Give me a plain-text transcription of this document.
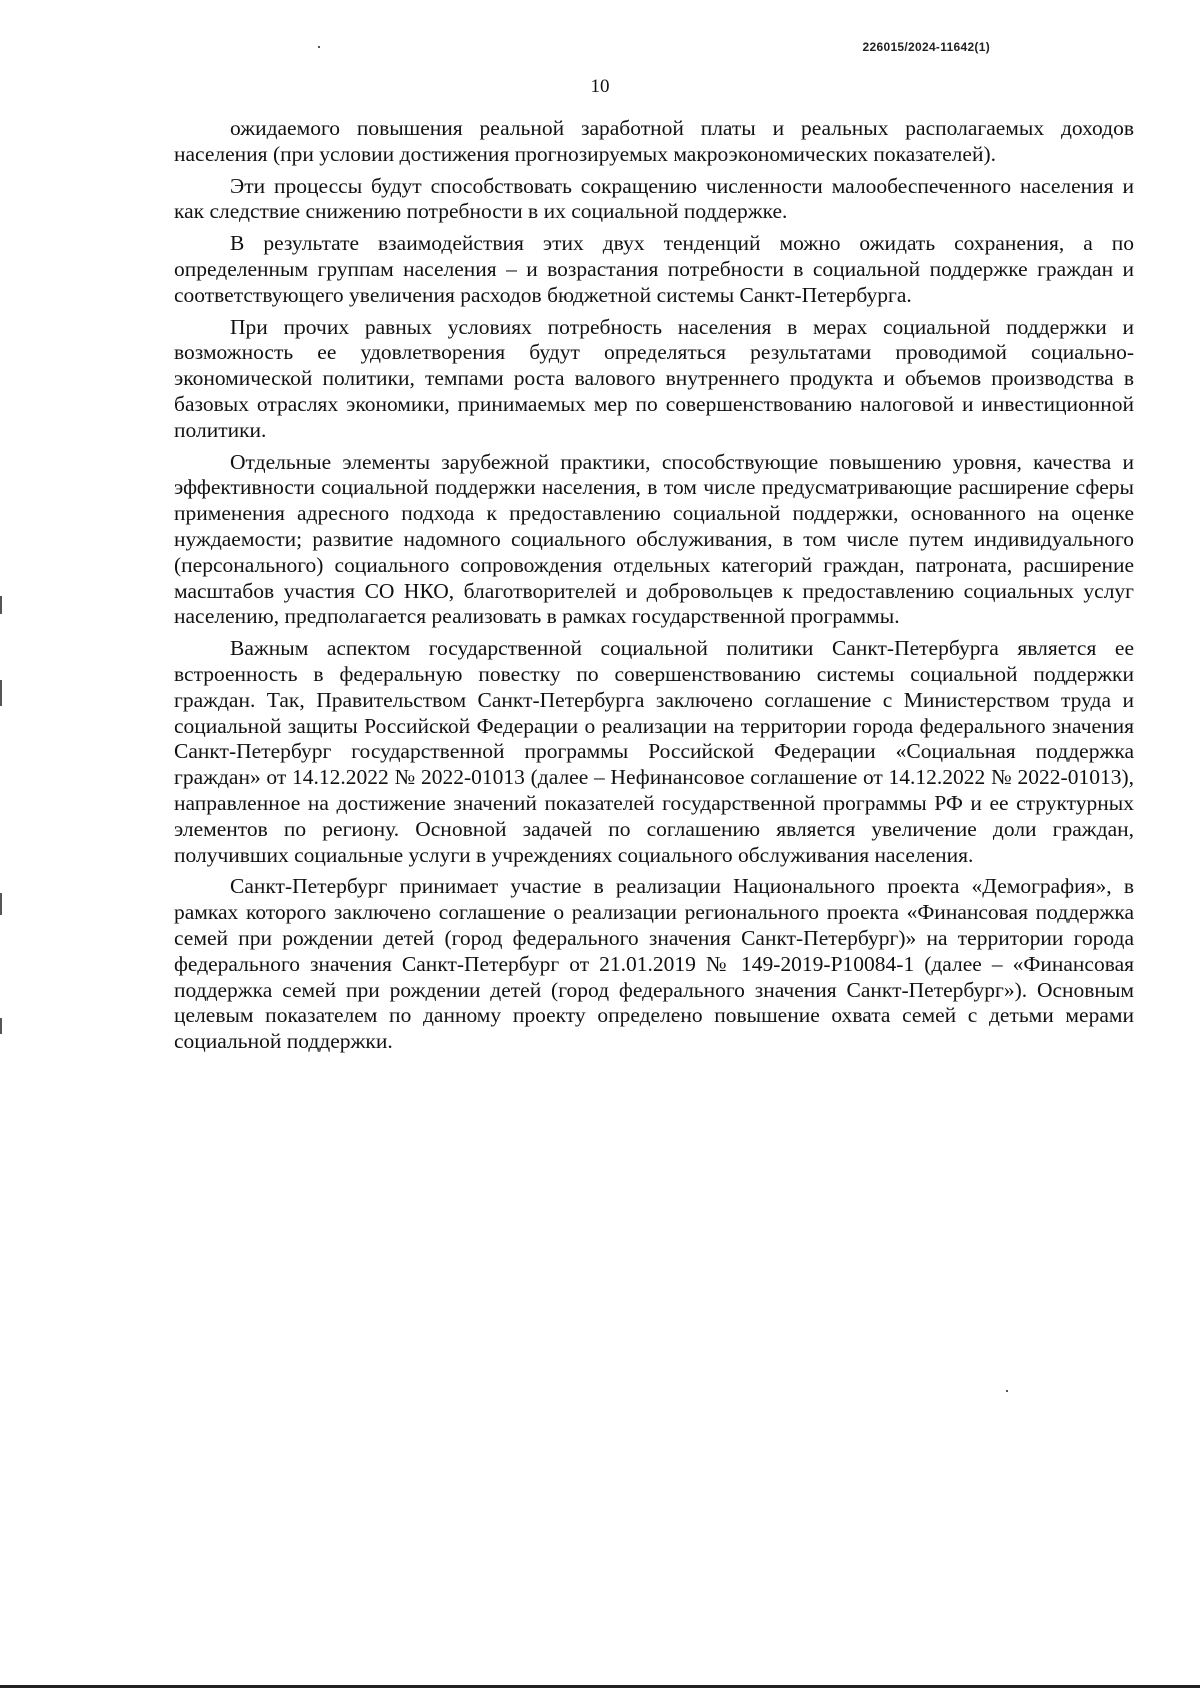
226015/2024-11642(1)
10

ожидаемого повышения реальной заработной платы и реальных располагаемых доходов населения (при условии достижения прогнозируемых макроэкономических показателей).

Эти процессы будут способствовать сокращению численности малообеспеченного населения и как следствие снижению потребности в их социальной поддержке.

В результате взаимодействия этих двух тенденций можно ожидать сохранения, а по определенным группам населения – и возрастания потребности в социальной поддержке граждан и соответствующего увеличения расходов бюджетной системы Санкт-Петербурга.

При прочих равных условиях потребность населения в мерах социальной поддержки и возможность ее удовлетворения будут определяться результатами проводимой социально-экономической политики, темпами роста валового внутреннего продукта и объемов производства в базовых отраслях экономики, принимаемых мер по совершенствованию налоговой и инвестиционной политики.

Отдельные элементы зарубежной практики, способствующие повышению уровня, качества и эффективности социальной поддержки населения, в том числе предусматривающие расширение сферы применения адресного подхода к предоставлению социальной поддержки, основанного на оценке нуждаемости; развитие надомного социального обслуживания, в том числе путем индивидуального (персонального) социального сопровождения отдельных категорий граждан, патроната, расширение масштабов участия СО НКО, благотворителей и добровольцев к предоставлению социальных услуг населению, предполагается реализовать в рамках государственной программы.

Важным аспектом государственной социальной политики Санкт-Петербурга является ее встроенность в федеральную повестку по совершенствованию системы социальной поддержки граждан. Так, Правительством Санкт-Петербурга заключено соглашение с Министерством труда и социальной защиты Российской Федерации о реализации на территории города федерального значения Санкт-Петербург государственной программы Российской Федерации «Социальная поддержка граждан» от 14.12.2022 № 2022-01013 (далее – Нефинансовое соглашение от 14.12.2022 № 2022-01013), направленное на достижение значений показателей государственной программы РФ и ее структурных элементов по региону. Основной задачей по соглашению является увеличение доли граждан, получивших социальные услуги в учреждениях социального обслуживания населения.

Санкт-Петербург принимает участие в реализации Национального проекта «Демография», в рамках которого заключено соглашение о реализации регионального проекта «Финансовая поддержка семей при рождении детей (город федерального значения Санкт-Петербург)» на территории города федерального значения Санкт-Петербург от 21.01.2019 № 149-2019-Р10084-1 (далее – «Финансовая поддержка семей при рождении детей (город федерального значения Санкт-Петербург»). Основным целевым показателем по данному проекту определено повышение охвата семей с детьми мерами социальной поддержки.
